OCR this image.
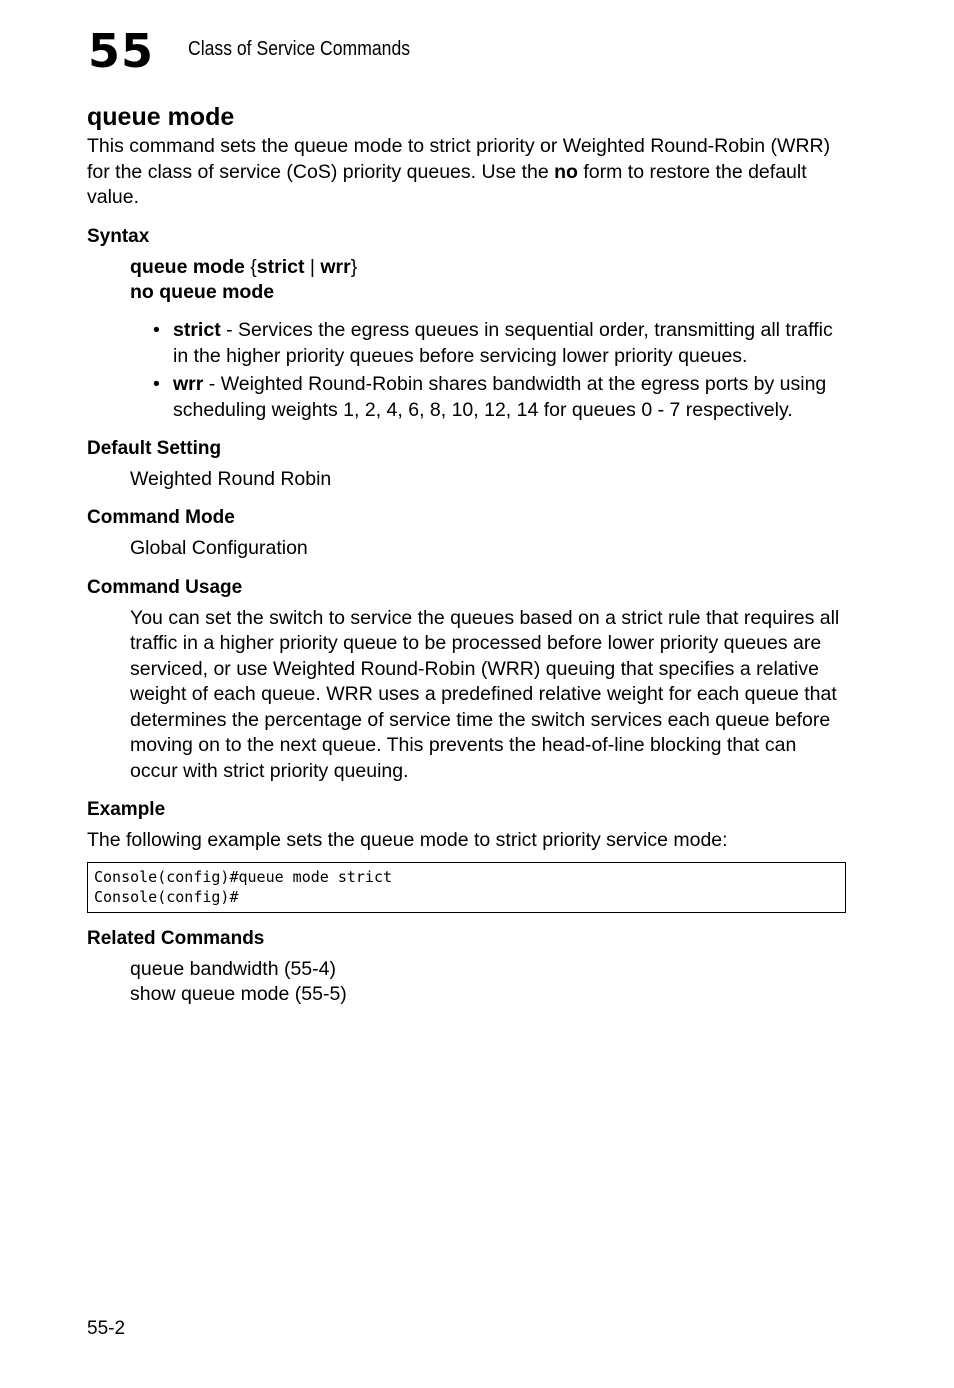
55 Class of Service Commands
queue mode

This command sets the queue mode to strict priority or Weighted Round-Robin (WRR) for the class of service (CoS) priority queues. Use the no form to restore the default value.

Syntax
queue mode {strict | wrr}
no queue mode
• strict - Services the egress queues in sequential order, transmitting all traffic in the higher priority queues before servicing lower priority queues.
• wrr - Weighted Round-Robin shares bandwidth at the egress ports by using scheduling weights 1, 2, 4, 6, 8, 10, 12, 14 for queues 0 - 7 respectively.
Default Setting

Weighted Round Robin

Command Mode

Global Configuration

Command Usage

You can set the switch to service the queues based on a strict rule that requires all traffic in a higher priority queue to be processed before lower priority queues are serviced, or use Weighted Round-Robin (WRR) queuing that specifies a relative weight of each queue. WRR uses a predefined relative weight for each queue that determines the percentage of service time the switch services each queue before moving on to the next queue. This prevents the head-of-line blocking that can occur with strict priority queuing.

Example

The following example sets the queue mode to strict priority service mode:

Console(config)#queue mode strict
Console(config)#
Related Commands

queue bandwidth (55-4)

show queue mode (55-5)

55-2
